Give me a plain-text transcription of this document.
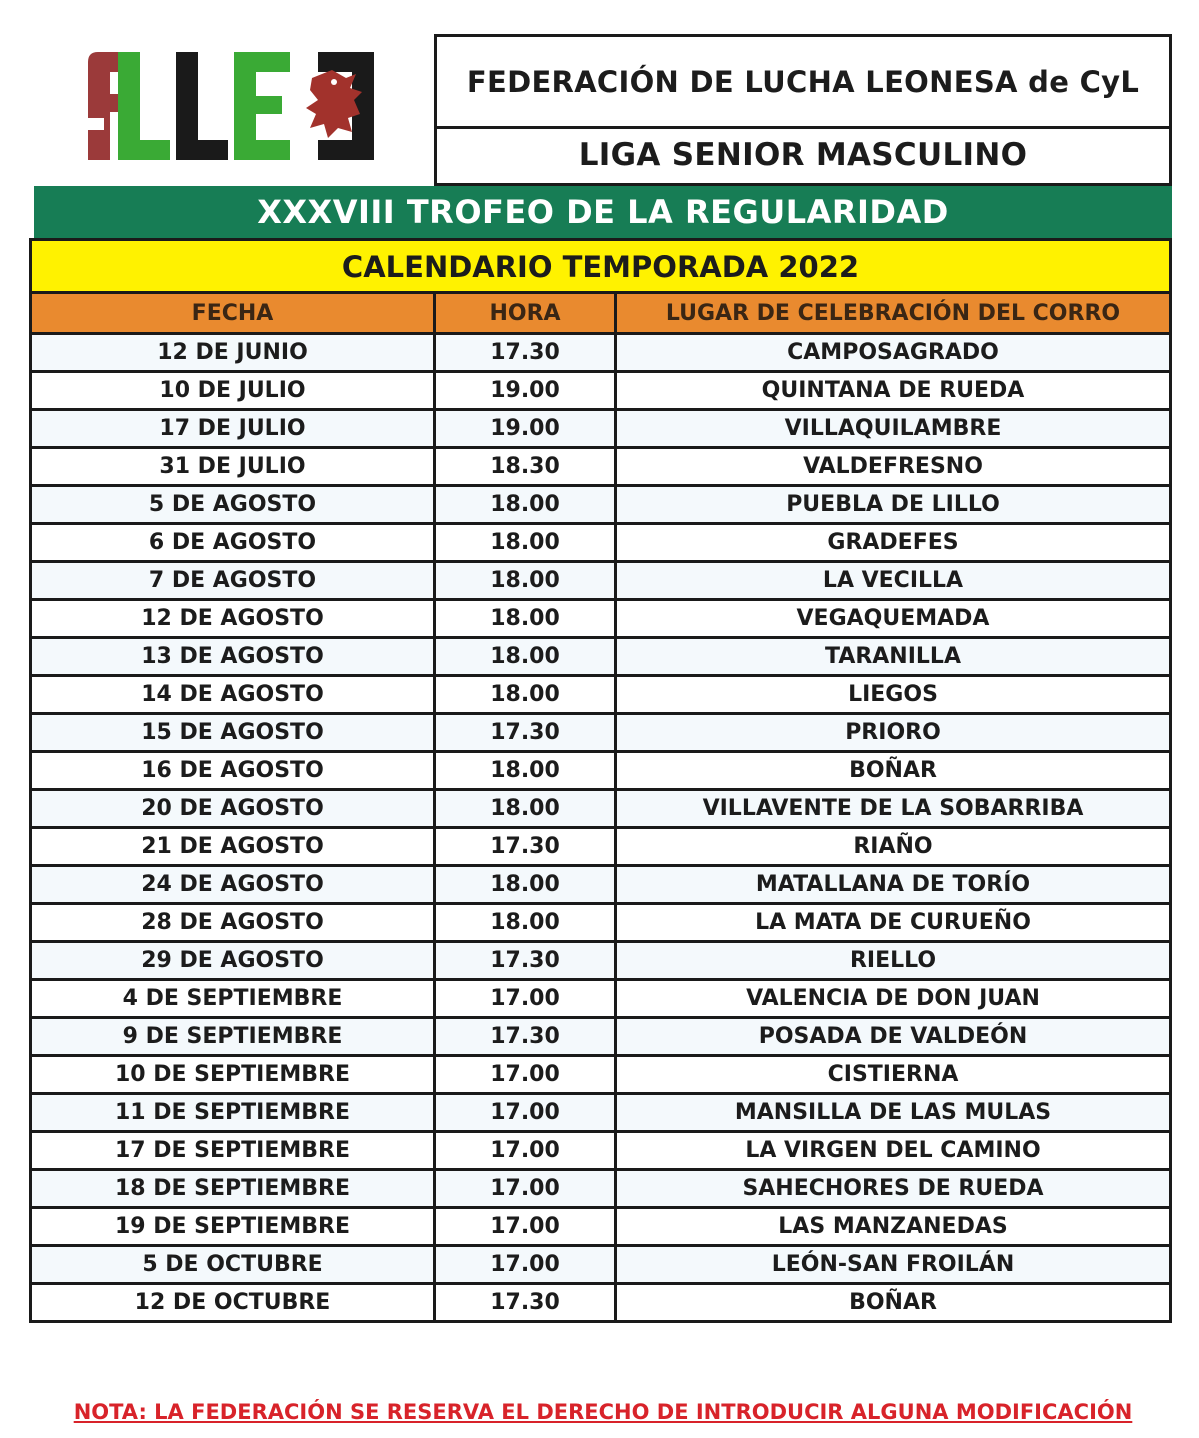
FEDERACIÓN DE LUCHA LEONESA de CyL
LIGA SENIOR MASCULINO
XXXVIII TROFEO DE LA REGULARIDAD
CALENDARIO TEMPORADA 2022
FECHA	HORA	LUGAR DE CELEBRACIÓN DEL CORRO
12 DE JUNIO	17.30	CAMPOSAGRADO
10 DE JULIO	19.00	QUINTANA DE RUEDA
17 DE JULIO	19.00	VILLAQUILAMBRE
31 DE JULIO	18.30	VALDEFRESNO
5 DE AGOSTO	18.00	PUEBLA DE LILLO
6 DE AGOSTO	18.00	GRADEFES
7 DE AGOSTO	18.00	LA VECILLA
12 DE AGOSTO	18.00	VEGAQUEMADA
13 DE AGOSTO	18.00	TARANILLA
14 DE AGOSTO	18.00	LIEGOS
15 DE AGOSTO	17.30	PRIORO
16 DE AGOSTO	18.00	BOÑAR
20 DE AGOSTO	18.00	VILLAVENTE DE LA SOBARRIBA
21 DE AGOSTO	17.30	RIAÑO
24 DE AGOSTO	18.00	MATALLANA DE TORÍO
28 DE AGOSTO	18.00	LA MATA DE CURUEÑO
29 DE AGOSTO	17.30	RIELLO
4 DE SEPTIEMBRE	17.00	VALENCIA DE DON JUAN
9 DE SEPTIEMBRE	17.30	POSADA DE VALDEÓN
10 DE SEPTIEMBRE	17.00	CISTIERNA
11 DE SEPTIEMBRE	17.00	MANSILLA DE LAS MULAS
17 DE SEPTIEMBRE	17.00	LA VIRGEN DEL CAMINO
18 DE SEPTIEMBRE	17.00	SAHECHORES DE RUEDA
19 DE SEPTIEMBRE	17.00	LAS MANZANEDAS
5 DE OCTUBRE	17.00	LEÓN-SAN FROILÁN
12 DE OCTUBRE	17.30	BOÑAR
NOTA: LA FEDERACIÓN SE RESERVA EL DERECHO DE INTRODUCIR ALGUNA MODIFICACIÓN
